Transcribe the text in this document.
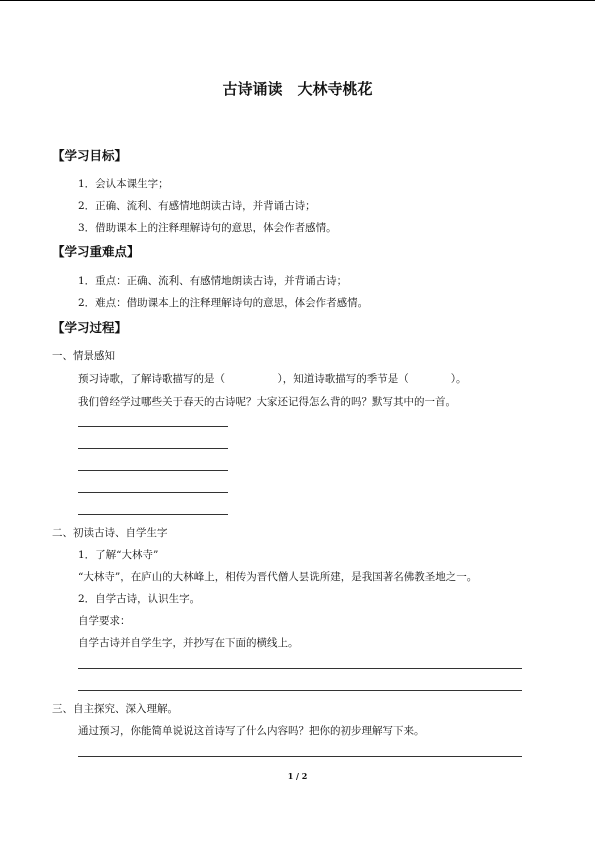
古诗诵读　大林寺桃花
【学习目标】
1．会认本课生字；
2．正确、流利、有感情地朗读古诗，并背诵古诗；
3．借助课本上的注释理解诗句的意思，体会作者感情。
【学习重难点】
1．重点：正确、流利、有感情地朗读古诗，并背诵古诗；
2．难点：借助课本上的注释理解诗句的意思，体会作者感情。
【学习过程】
一、情景感知
预习诗歌，了解诗歌描写的是（　　　　　），知道诗歌描写的季节是（　　　　）。
我们曾经学过哪些关于春天的古诗呢？大家还记得怎么背的吗？默写其中的一首。
二、初读古诗、自学生字
1．了解“大林寺”
“大林寺”，在庐山的大林峰上，相传为晋代僧人昙诜所建，是我国著名佛教圣地之一。
2．自学古诗，认识生字。
自学要求：
自学古诗并自学生字，并抄写在下面的横线上。
三、自主探究、深入理解。
通过预习，你能简单说说这首诗写了什么内容吗？把你的初步理解写下来。
1 / 2
